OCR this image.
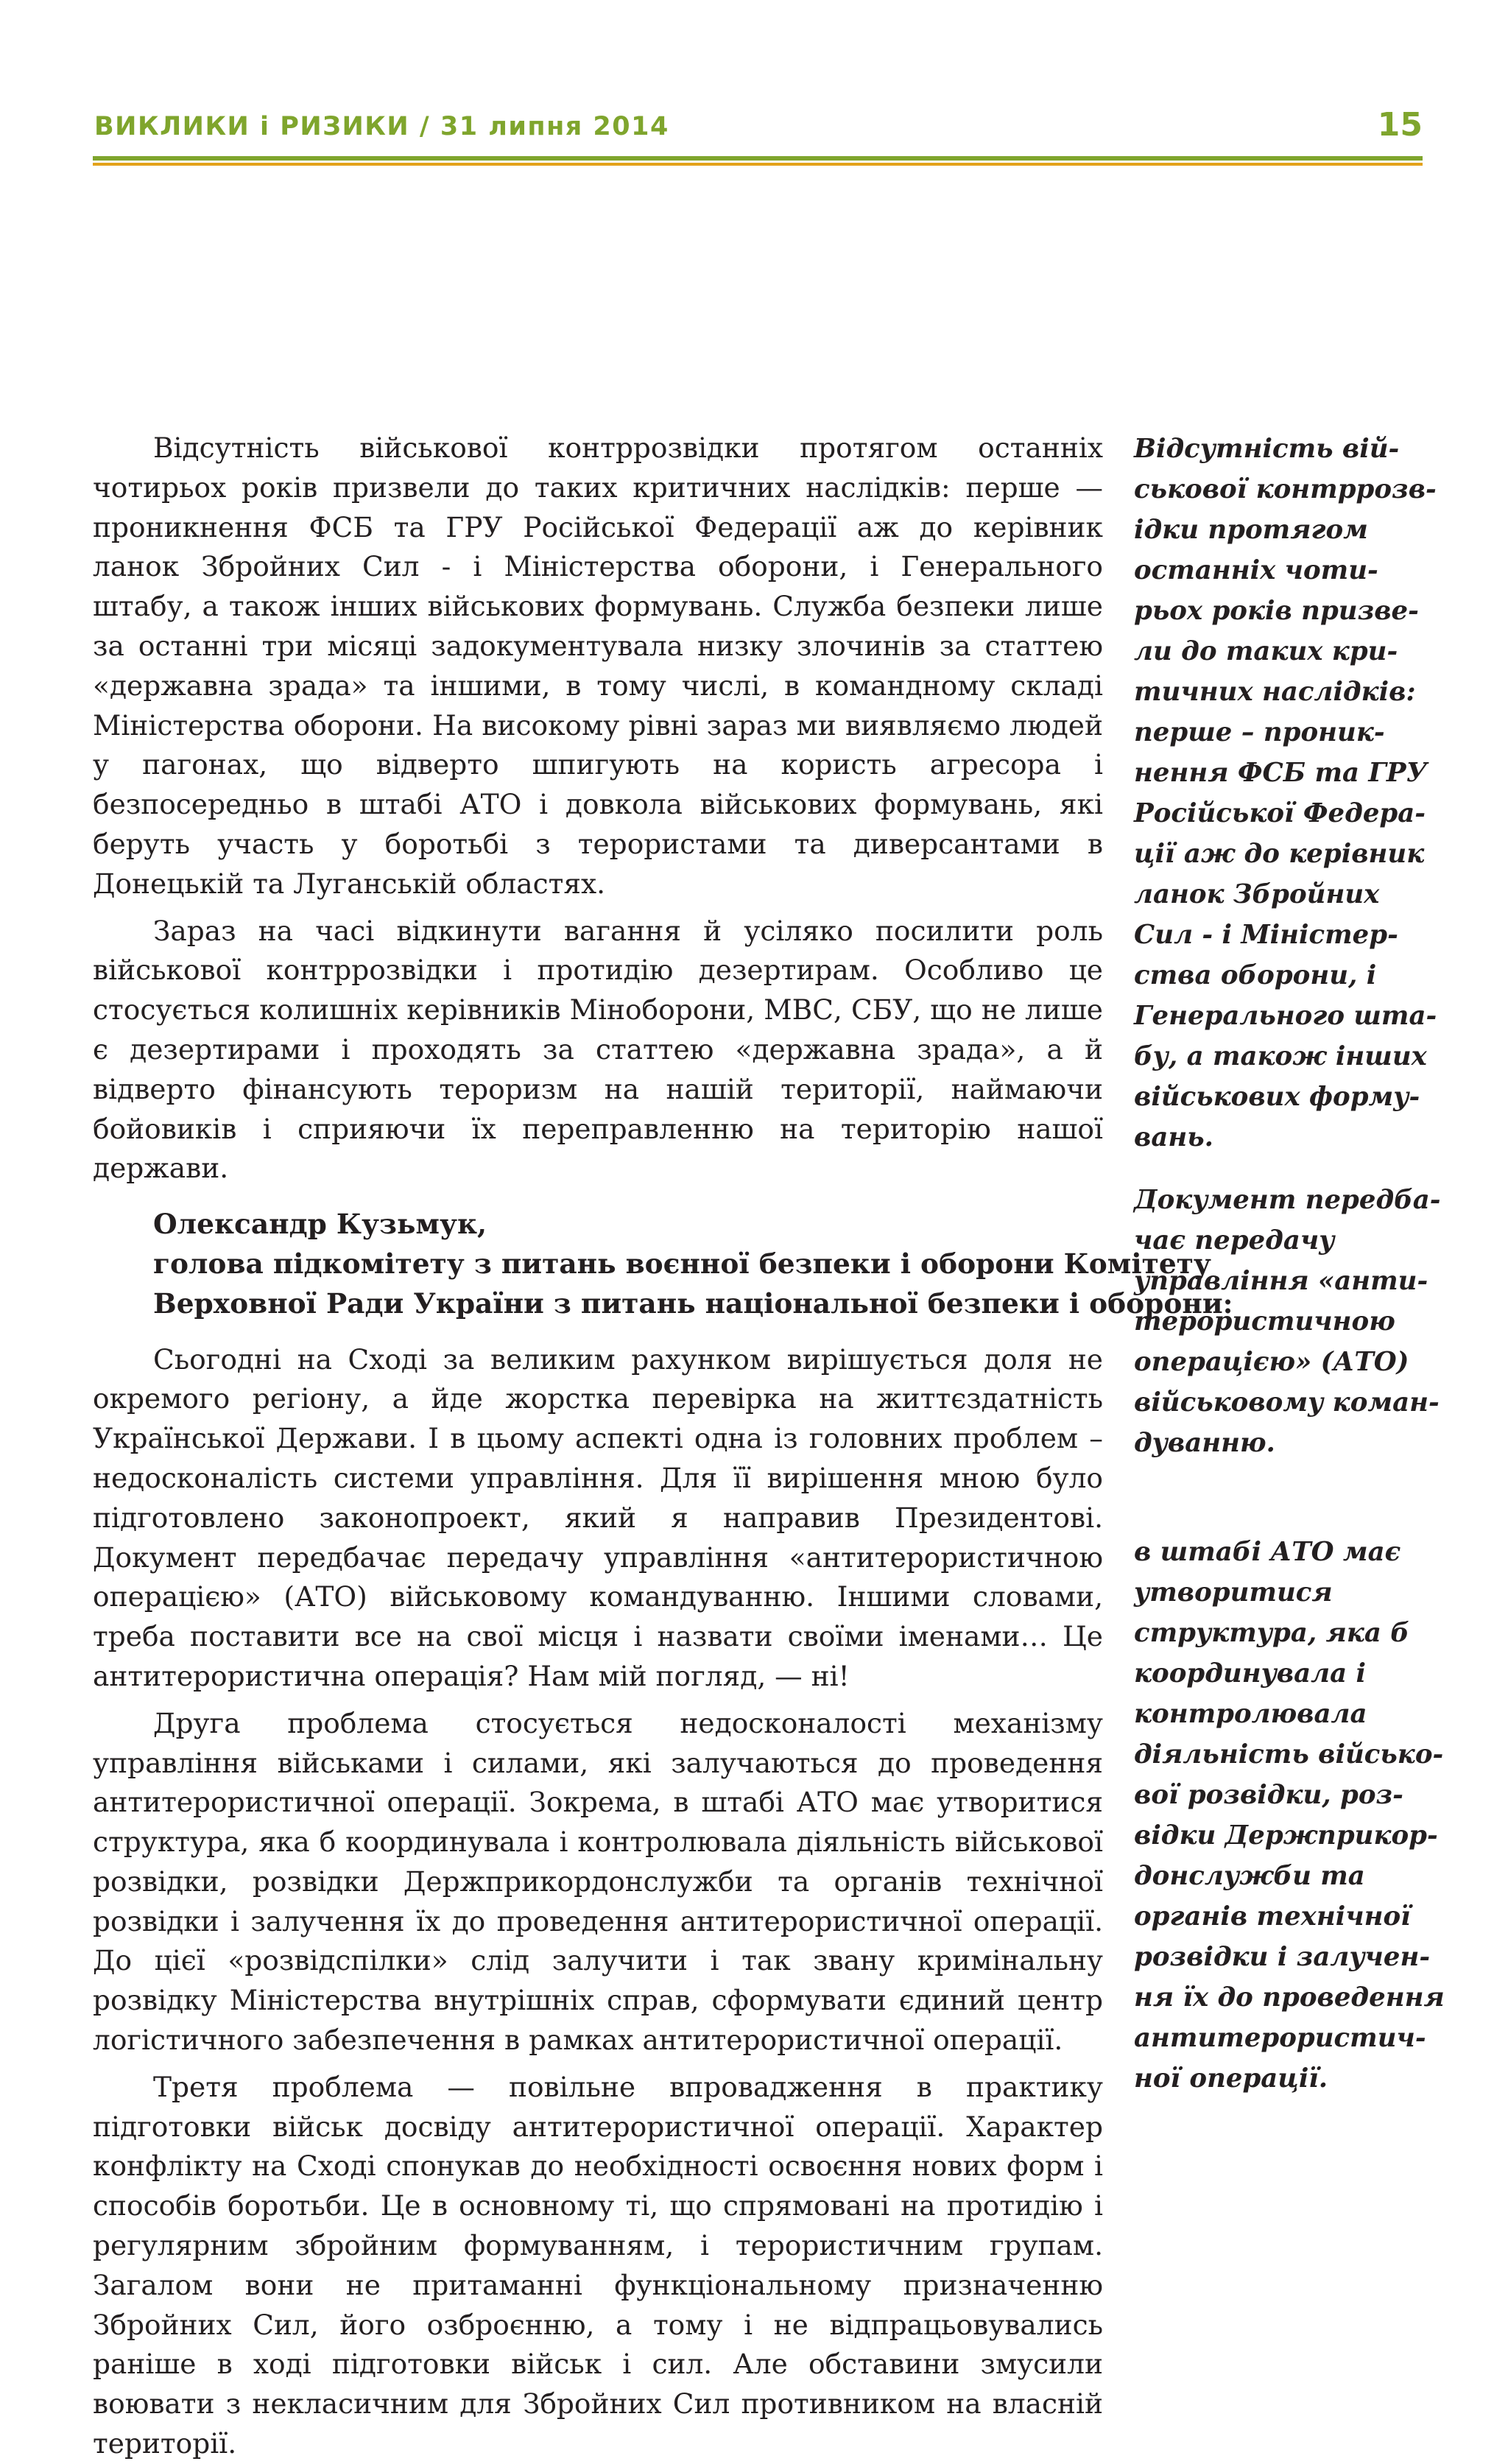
ВИКЛИКИ і РИЗИКИ / 31 липня 2014	15

Відсутність військової контррозвідки протягом останніх чотирьох років призвели до таких критичних наслідків: перше — проникнення ФСБ та ГРУ Російської Федерації аж до керівник ланок Збройних Сил - і Міністерства оборони, і Генерального штабу, а також інших військових формувань. Служба безпеки лише за останні три місяці задокументувала низку злочинів за статтею «державна зрада» та іншими, в тому числі, в командному складі Міністерства оборони. На високому рівні зараз ми виявляємо людей у пагонах, що відверто шпигують на користь агресора і безпосередньо в штабі АТО і довкола військових формувань, які беруть участь у боротьбі з терористами та диверсантами в Донецькій та Луганській областях.

Зараз на часі відкинути вагання й усіляко посилити роль військової контррозвідки і протидію дезертирам. Особливо це стосується колишніх керівників Міноборони, МВС, СБУ, що не лише є дезертирами і проходять за статтею «державна зрада», а й відверто фінансують тероризм на нашій території, наймаючи бойовиків і сприяючи їх переправленню на територію нашої держави.

Олександр Кузьмук,
голова підкомітету з питань воєнної безпеки і оборони Комітету
Верховної Ради України з питань національної безпеки і оборони:

Сьогодні на Сході за великим рахунком вирішується доля не окремого регіону, а йде жорстка перевірка на життєздатність Української Держави. І в цьому аспекті одна із головних проблем – недосконалість системи управління. Для її вирішення мною було підготовлено законопроект, який я направив Президентові. Документ передбачає передачу управління «антитерористичною операцією» (АТО) військовому командуванню. Іншими словами, треба поставити все на свої місця і назвати своїми іменами… Це антитерористична операція? Нам мій погляд, — ні!

Друга проблема стосується недосконалості механізму управління військами і силами, які залучаються до проведення антитерористичної операції. Зокрема, в штабі АТО має утворитися структура, яка б координувала і контролювала діяльність військової розвідки, розвідки Держприкордонслужби та органів технічної розвідки і залучення їх до проведення антитерористичної операції. До цієї «розвідспілки» слід залучити і так звану кримінальну розвідку Міністерства внутрішніх справ, сформувати єдиний центр логістичного забезпечення в рамках антитерористичної операції.

Третя проблема — повільне впровадження в практику підготовки військ досвіду антитерористичної операції. Характер конфлікту на Сході спонукав до необхідності освоєння нових форм і способів боротьби. Це в основному ті, що спрямовані на протидію і регулярним збройним формуванням, і терористичним групам. Загалом вони не притаманні функціональному призначенню Збройних Сил, його озброєнню, а тому і не відпрацьовувались раніше в ході підготовки військ і сил. Але обставини змусили воювати з некласичним для Збройних Сил противником на власній території.

Відсутність вій-
ськової контррозв-
ідки протягом
останніх чоти-
рьох років призве-
ли до таких кри-
тичних наслідків:
перше – проник-
нення ФСБ та ГРУ
Російської Федера-
ції аж до керівник
ланок Збройних
Сил - і Міністер-
ства оборони, і
Генерального шта-
бу, а також інших
військових форму-
вань.
Документ передба-
чає передачу
управління «анти-
терористичною
операцією» (АТО)
військовому коман-
дуванню.
в штабі АТО має
утворитися
структура, яка б
координувала і
контролювала
діяльність військо-
вої розвідки, роз-
відки Держприкор-
донслужби та
органів технічної
розвідки і залучен-
ня їх до проведення
антитерористич-
ної операції.
